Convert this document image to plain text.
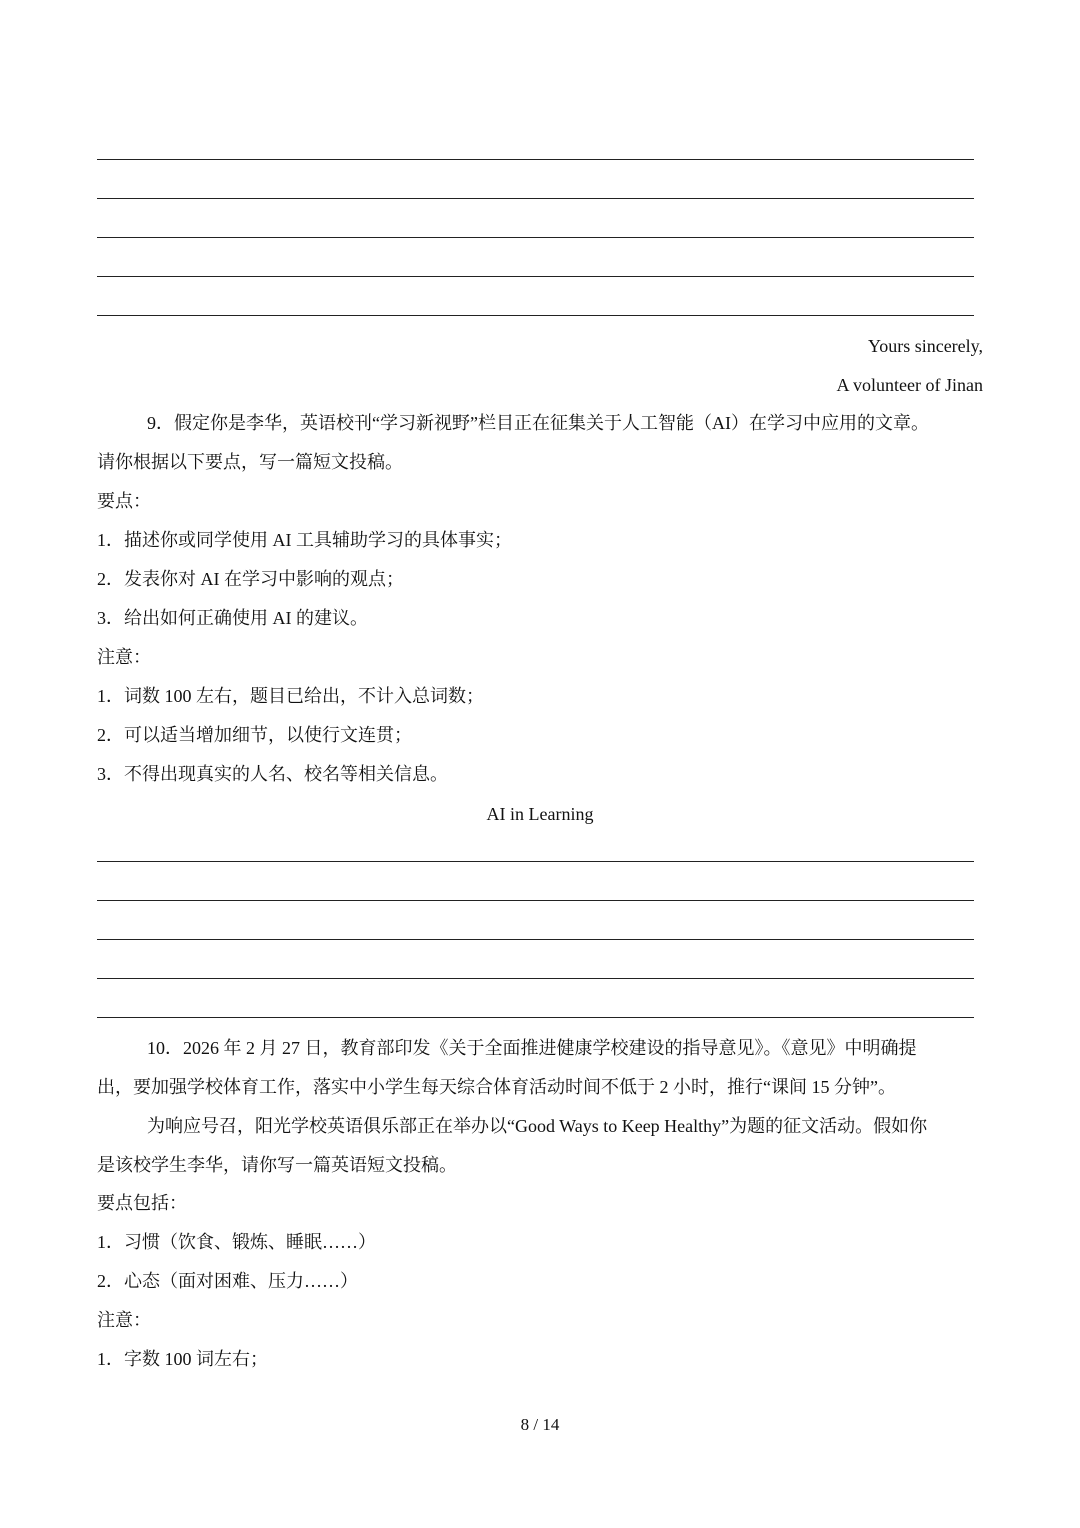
Yours sincerely,
A volunteer of Jinan
9．假定你是李华，英语校刊“学习新视野”栏目正在征集关于人工智能（AI）在学习中应用的文章。
请你根据以下要点，写一篇短文投稿。
要点：
1．描述你或同学使用 AI 工具辅助学习的具体事实；
2．发表你对 AI 在学习中影响的观点；
3．给出如何正确使用 AI 的建议。
注意：
1．词数 100 左右，题目已给出，不计入总词数；
2．可以适当增加细节，以使行文连贯；
3．不得出现真实的人名、校名等相关信息。
AI in Learning
10．2026 年 2 月 27 日，教育部印发《关于全面推进健康学校建设的指导意见》。《意见》中明确提
出，要加强学校体育工作，落实中小学生每天综合体育活动时间不低于 2 小时，推行“课间 15 分钟”。
为响应号召，阳光学校英语俱乐部正在举办以“Good Ways to Keep Healthy”为题的征文活动。假如你
是该校学生李华，请你写一篇英语短文投稿。
要点包括：
1．习惯（饮食、锻炼、睡眠……）
2．心态（面对困难、压力……）
注意：
1．字数 100 词左右；
8 / 14
